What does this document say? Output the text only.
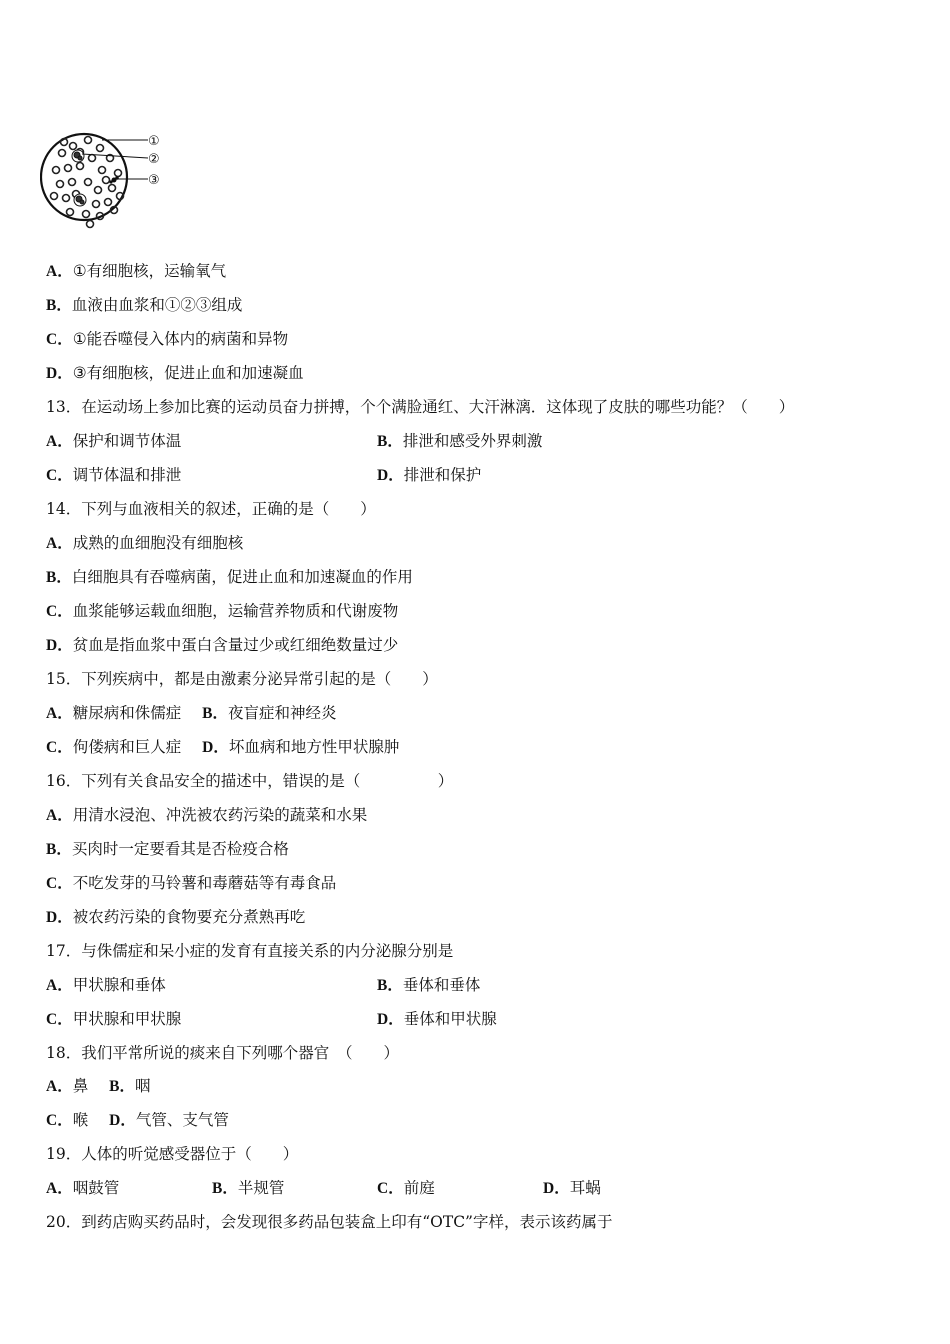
①
②
③
A．①有细胞核，运输氧气
B．血液由血浆和①②③组成
C．①能吞噬侵入体内的病菌和异物
D．③有细胞核，促进止血和加速凝血
13．在运动场上参加比赛的运动员奋力拼搏，个个满脸通红、大汗淋漓．这体现了皮肤的哪些功能？（　　）
A．保护和调节体温	B．排泄和感受外界刺激
C．调节体温和排泄	D．排泄和保护
14．下列与血液相关的叙述，正确的是（　　）
A．成熟的血细胞没有细胞核
B．白细胞具有吞噬病菌，促进止血和加速凝血的作用
C．血浆能够运载血细胞，运输营养物质和代谢废物
D．贫血是指血浆中蛋白含量过少或红细绝数量过少
15．下列疾病中，都是由激素分泌异常引起的是（　　）
A．糖尿病和侏儒症 B．夜盲症和神经炎
C．佝偻病和巨人症 D．坏血病和地方性甲状腺肿
16．下列有关食品安全的描述中，错误的是（　　　　　）
A．用清水浸泡、冲洗被农药污染的蔬菜和水果
B．买肉时一定要看其是否检疫合格
C．不吃发芽的马铃薯和毒蘑菇等有毒食品
D．被农药污染的食物要充分煮熟再吃
17．与侏儒症和呆小症的发育有直接关系的内分泌腺分别是
A．甲状腺和垂体	B．垂体和垂体
C．甲状腺和甲状腺	D．垂体和甲状腺
18．我们平常所说的痰来自下列哪个器官　（　　）
A．鼻 B．咽
C．喉 D．气管、支气管
19．人体的听觉感受器位于（　　）
A．咽鼓管	B．半规管	C．前庭	D．耳蜗
20．到药店购买药品时，会发现很多药品包装盒上印有“OTC”字样，表示该药属于
